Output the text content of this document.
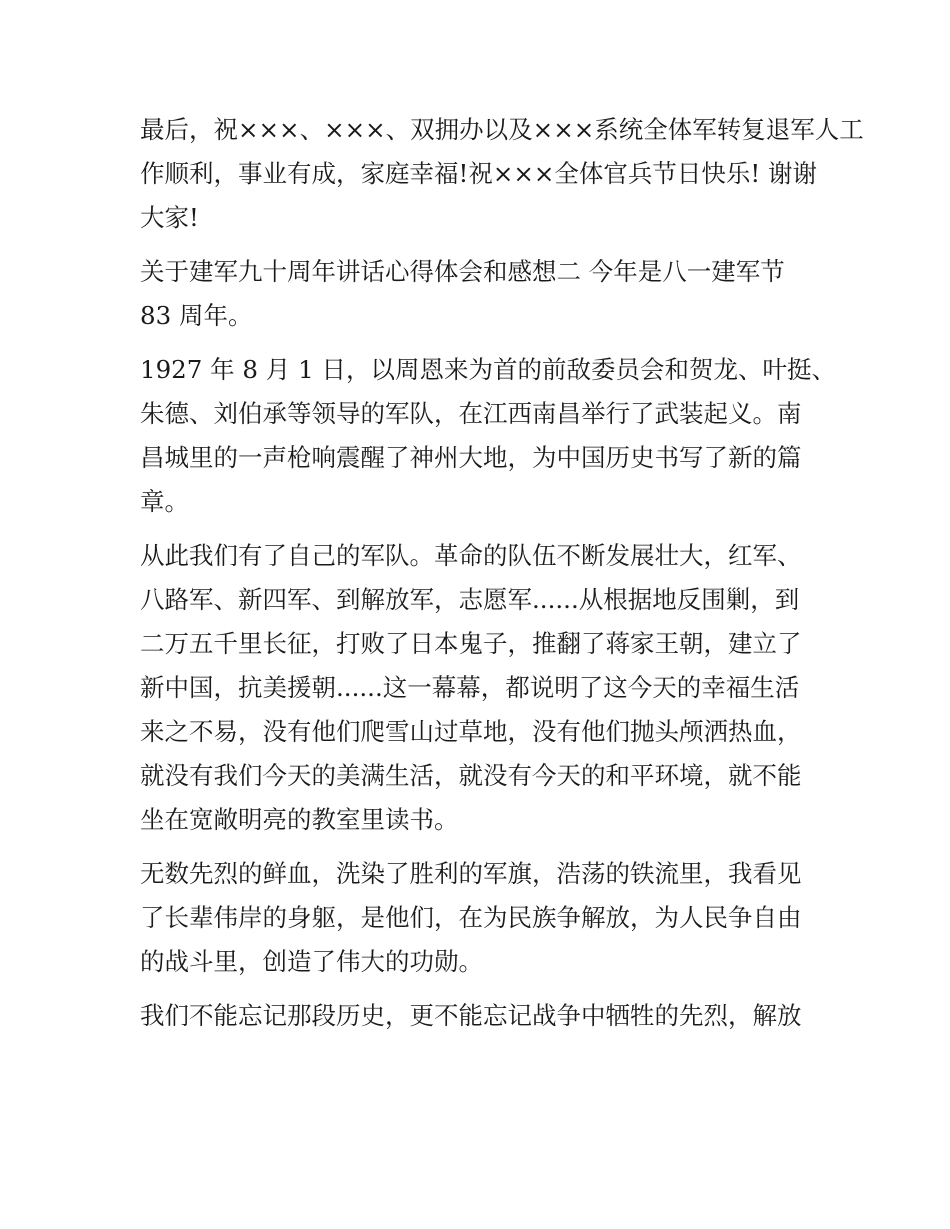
最后，祝×××、×××、双拥办以及×××系统全体军转复退军人工
作顺利，事业有成，家庭幸福!祝×××全体官兵节日快乐! 谢谢
大家!
关于建军九十周年讲话心得体会和感想二 今年是八一建军节
83 周年。
1927 年 8 月 1 日，以周恩来为首的前敌委员会和贺龙、叶挺、
朱德、刘伯承等领导的军队，在江西南昌举行了武装起义。南
昌城里的一声枪响震醒了神州大地，为中国历史书写了新的篇
章。
从此我们有了自己的军队。革命的队伍不断发展壮大，红军、
八路军、新四军、到解放军，志愿军......从根据地反围剿，到
二万五千里长征，打败了日本鬼子，推翻了蒋家王朝，建立了
新中国，抗美援朝......这一幕幕，都说明了这今天的幸福生活
来之不易，没有他们爬雪山过草地，没有他们抛头颅洒热血，
就没有我们今天的美满生活，就没有今天的和平环境，就不能
坐在宽敞明亮的教室里读书。
无数先烈的鲜血，洗染了胜利的军旗，浩荡的铁流里，我看见
了长辈伟岸的身躯，是他们，在为民族争解放，为人民争自由
的战斗里，创造了伟大的功勋。
我们不能忘记那段历史，更不能忘记战争中牺牲的先烈，解放
